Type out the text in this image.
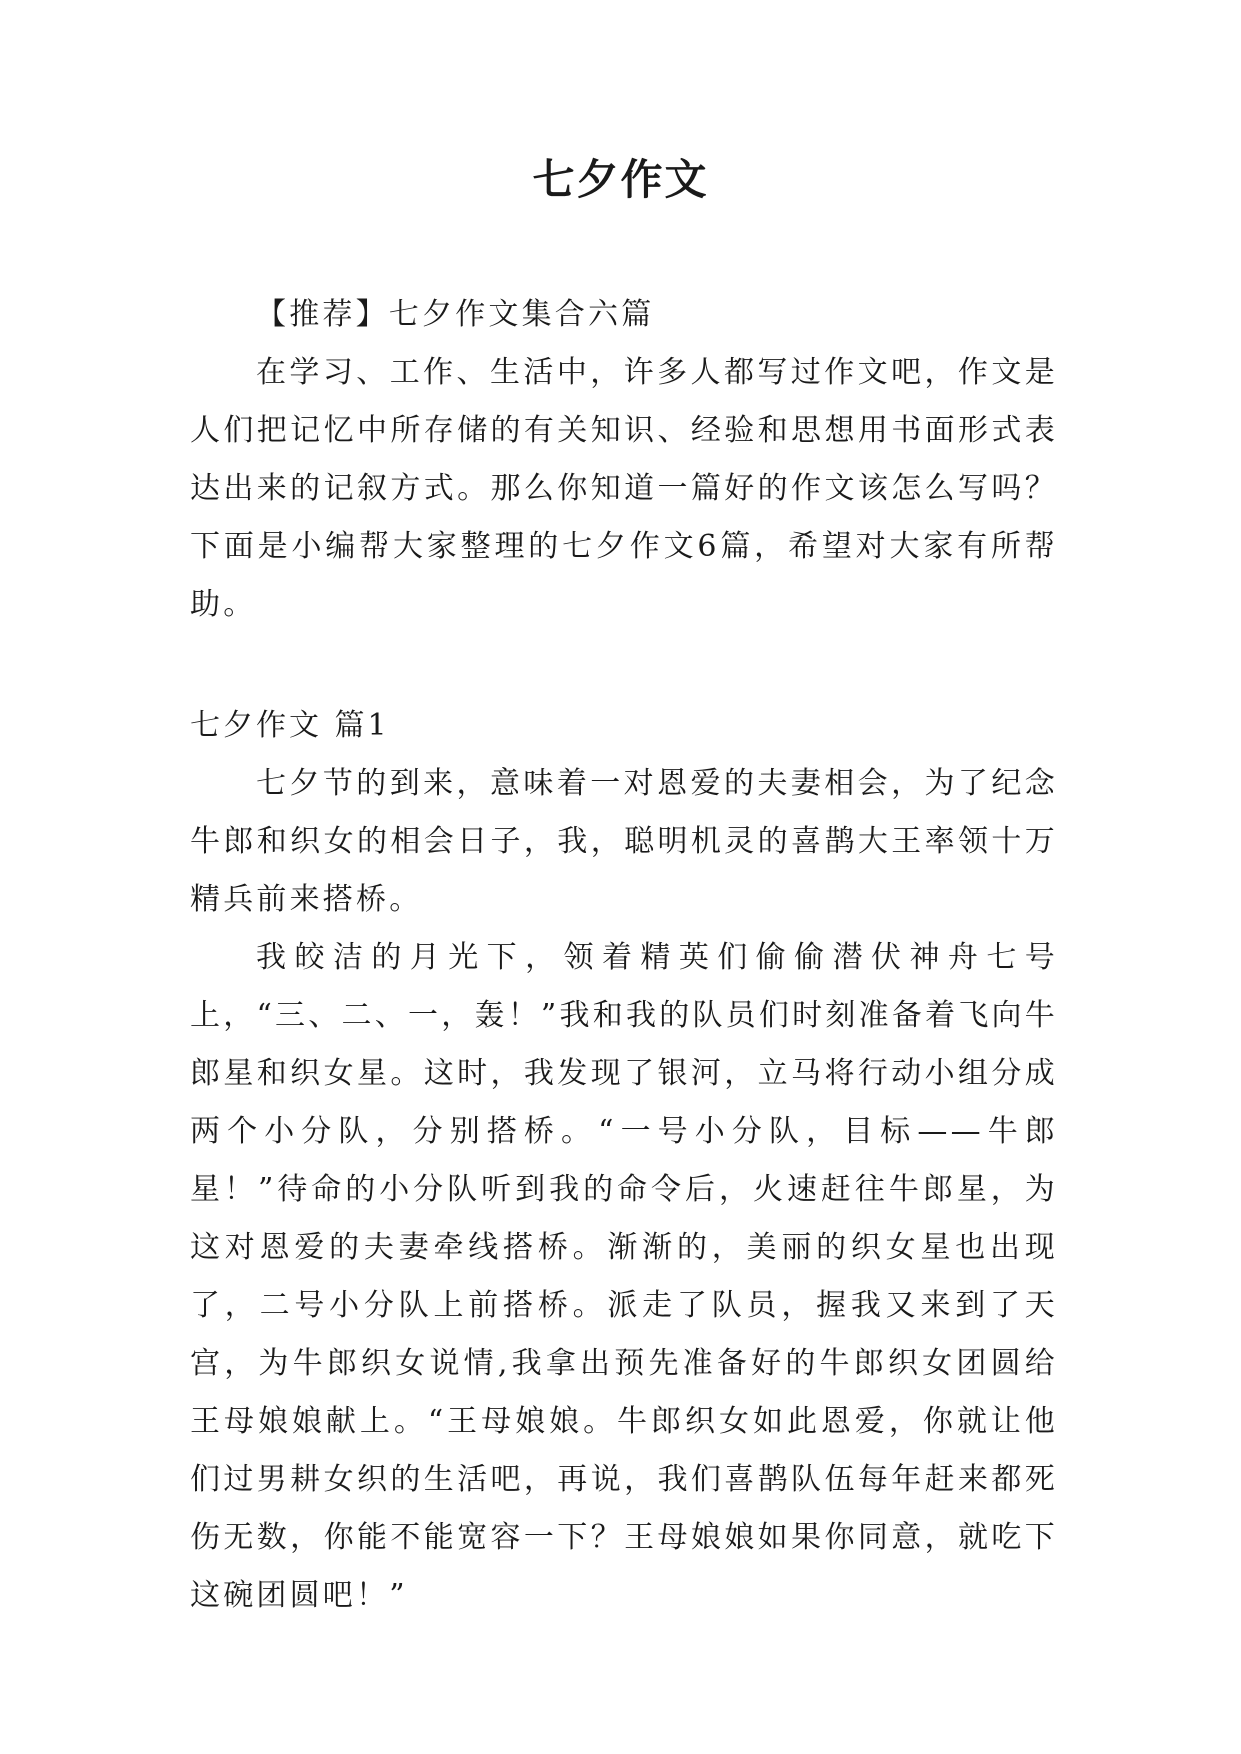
七夕作文

【推荐】七夕作文集合六篇

在学习、工作、生活中，许多人都写过作文吧，作文是人们把记忆中所存储的有关知识、经验和思想用书面形式表达出来的记叙方式。那么你知道一篇好的作文该怎么写吗？下面是小编帮大家整理的七夕作文6篇，希望对大家有所帮助。

七夕作文 篇1

七夕节的到来，意味着一对恩爱的夫妻相会，为了纪念牛郎和织女的相会日子，我，聪明机灵的喜鹊大王率领十万精兵前来搭桥。

我皎洁的月光下，领着精英们偷偷潜伏神舟七号上，“三、二、一，轰！”我和我的队员们时刻准备着飞向牛郎星和织女星。这时，我发现了银河，立马将行动小组分成两个小分队，分别搭桥。“一号小分队，目标——牛郎星！”待命的小分队听到我的命令后，火速赶往牛郎星，为这对恩爱的夫妻牵线搭桥。渐渐的，美丽的织女星也出现了，二号小分队上前搭桥。派走了队员，握我又来到了天宫，为牛郎织女说情,我拿出预先准备好的牛郎织女团圆给王母娘娘献上。“王母娘娘。牛郎织女如此恩爱，你就让他们过男耕女织的生活吧，再说，我们喜鹊队伍每年赶来都死伤无数，你能不能宽容一下？王母娘娘如果你同意，就吃下这碗团圆吧！”
